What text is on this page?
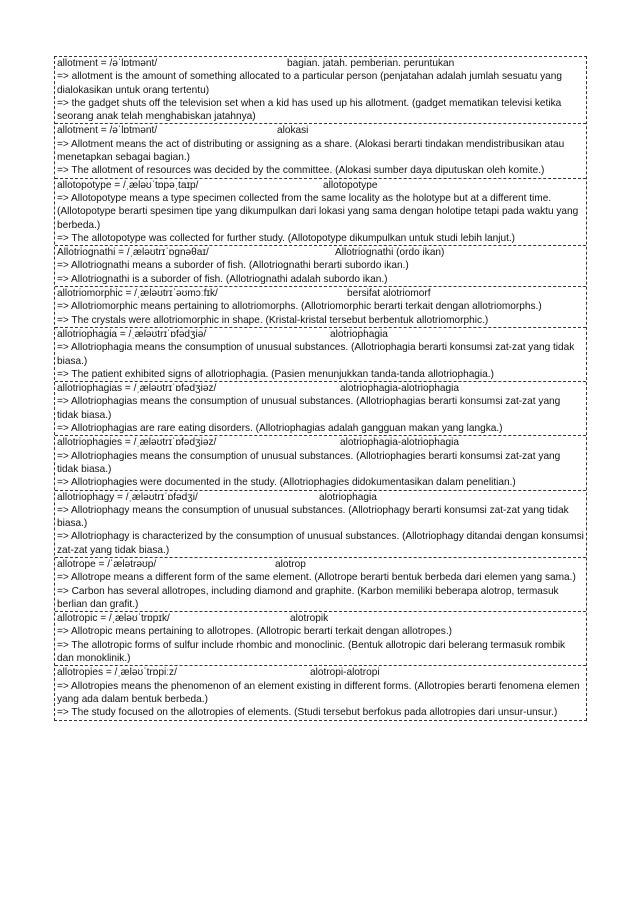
allotment = /əˈlɒtmənt/	bagian. jatah. pemberian. peruntukan
=> allotment is the amount of something allocated to a particular person (penjatahan adalah jumlah sesuatu yang dialokasikan untuk orang tertentu)
=> the gadget shuts off the television set when a kid has used up his allotment. (gadget mematikan televisi ketika seorang anak telah menghabiskan jatahnya)
allotment = /əˈlɒtmənt/	alokasi
=> Allotment means the act of distributing or assigning as a share. (Alokasi berarti tindakan mendistribusikan atau menetapkan sebagai bagian.)
=> The allotment of resources was decided by the committee. (Alokasi sumber daya diputuskan oleh komite.)
allotopotype = /ˌæləʊˈtɒpəˌtaɪp/	allotopotype
=> Allotopotype means a type specimen collected from the same locality as the holotype but at a different time. (Allotopotype berarti spesimen tipe yang dikumpulkan dari lokasi yang sama dengan holotipe tetapi pada waktu yang berbeda.)
=> The allotopotype was collected for further study. (Allotopotype dikumpulkan untuk studi lebih lanjut.)
Allotriognathi = /ˌæləʊtrɪˈɒgnəθaɪ/	Allotriognathi (ordo ikan)
=> Allotriognathi means a suborder of fish. (Allotriognathi berarti subordo ikan.)
=> Allotriognathi is a suborder of fish. (Allotriognathi adalah subordo ikan.)
allotriomorphic = /ˌæləʊtrɪˈəʊmɔːfɪk/	bersifat alotriomorf
=> Allotriomorphic means pertaining to allotriomorphs. (Allotriomorphic berarti terkait dengan allotriomorphs.)
=> The crystals were allotriomorphic in shape. (Kristal-kristal tersebut berbentuk allotriomorphic.)
allotriophagia = /ˌæləʊtrɪˈɒfədʒiə/	alotriophagia
=> Allotriophagia means the consumption of unusual substances. (Allotriophagia berarti konsumsi zat-zat yang tidak biasa.)
=> The patient exhibited signs of allotriophagia. (Pasien menunjukkan tanda-tanda allotriophagia.)
allotriophagias = /ˌæləʊtrɪˈɒfədʒiəz/	alotriophagia-alotriophagia
=> Allotriophagias means the consumption of unusual substances. (Allotriophagias berarti konsumsi zat-zat yang tidak biasa.)
=> Allotriophagias are rare eating disorders. (Allotriophagias adalah gangguan makan yang langka.)
allotriophagies = /ˌæləʊtrɪˈɒfədʒiəz/	alotriophagia-alotriophagia
=> Allotriophagies means the consumption of unusual substances. (Allotriophagies berarti konsumsi zat-zat yang tidak biasa.)
=> Allotriophagies were documented in the study. (Allotriophagies didokumentasikan dalam penelitian.)
allotriophagy = /ˌæləʊtrɪˈɒfədʒi/	alotriophagia
=> Allotriophagy means the consumption of unusual substances. (Allotriophagy berarti konsumsi zat-zat yang tidak biasa.)
=> Allotriophagy is characterized by the consumption of unusual substances. (Allotriophagy ditandai dengan konsumsi zat-zat yang tidak biasa.)
allotrope = /ˈælətrəʊp/	alotrop
=> Allotrope means a different form of the same element. (Allotrope berarti bentuk berbeda dari elemen yang sama.)
=> Carbon has several allotropes, including diamond and graphite. (Karbon memiliki beberapa alotrop, termasuk berlian dan grafit.)
allotropic = /ˌæləʊˈtrɒpɪk/	alotropik
=> Allotropic means pertaining to allotropes. (Allotropic berarti terkait dengan allotropes.)
=> The allotropic forms of sulfur include rhombic and monoclinic. (Bentuk allotropic dari belerang termasuk rombik dan monoklinik.)
allotropies = /ˌæləʊˈtrɒpiːz/	alotropi-alotropi
=> Allotropies means the phenomenon of an element existing in different forms. (Allotropies berarti fenomena elemen yang ada dalam bentuk berbeda.)
=> The study focused on the allotropies of elements. (Studi tersebut berfokus pada allotropies dari unsur-unsur.)
